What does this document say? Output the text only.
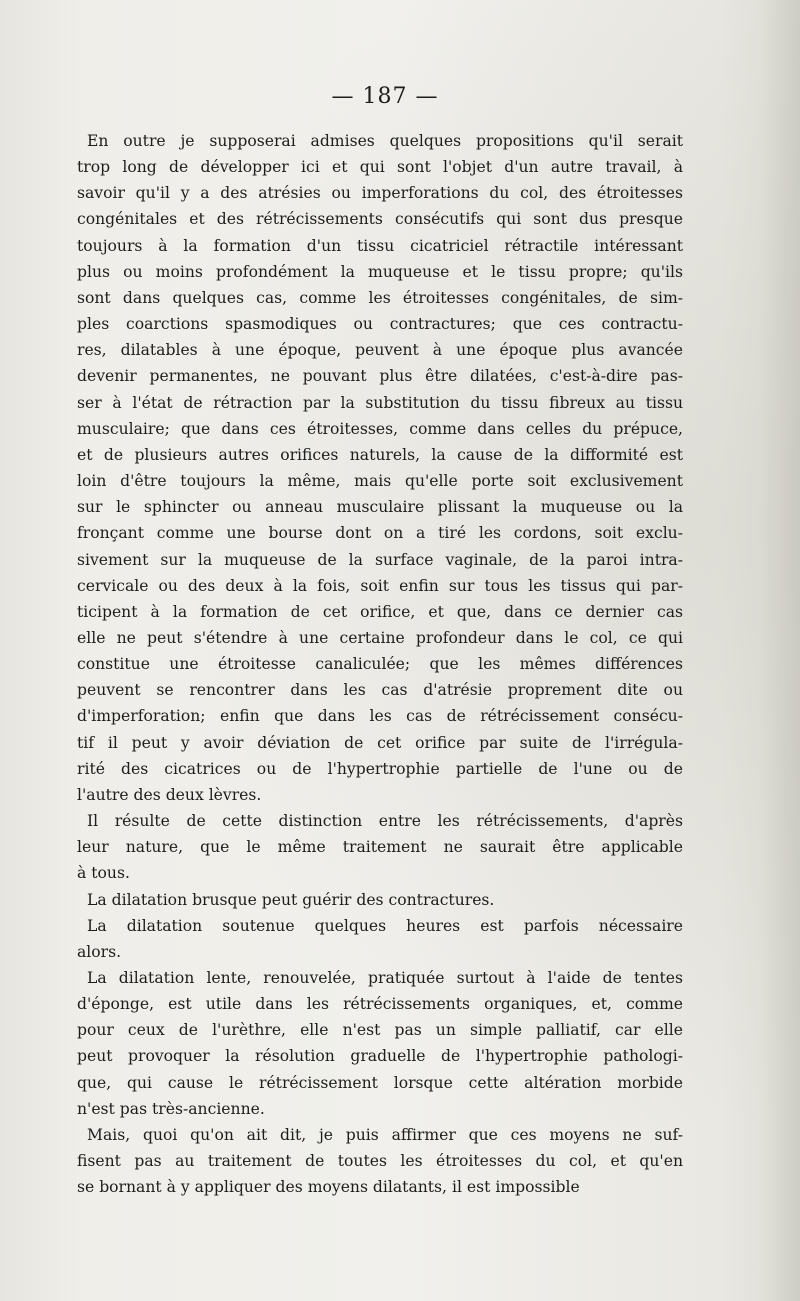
— 187 —
En outre je supposerai admises quelques propositions qu'il serait
trop long de développer ici et qui sont l'objet d'un autre travail, à
savoir qu'il y a des atrésies ou imperforations du col, des étroitesses
congénitales et des rétrécissements consécutifs qui sont dus presque
toujours à la formation d'un tissu cicatriciel rétractile intéressant
plus ou moins profondément la muqueuse et le tissu propre; qu'ils
sont dans quelques cas, comme les étroitesses congénitales, de sim-
ples coarctions spasmodiques ou contractures; que ces contractu-
res, dilatables à une époque, peuvent à une époque plus avancée
devenir permanentes, ne pouvant plus être dilatées, c'est-à-dire pas-
ser à l'état de rétraction par la substitution du tissu fibreux au tissu
musculaire; que dans ces étroitesses, comme dans celles du prépuce,
et de plusieurs autres orifices naturels, la cause de la difformité est
loin d'être toujours la même, mais qu'elle porte soit exclusivement
sur le sphincter ou anneau musculaire plissant la muqueuse ou la
fronçant comme une bourse dont on a tiré les cordons, soit exclu-
sivement sur la muqueuse de la surface vaginale, de la paroi intra-
cervicale ou des deux à la fois, soit enfin sur tous les tissus qui par-
ticipent à la formation de cet orifice, et que, dans ce dernier cas
elle ne peut s'étendre à une certaine profondeur dans le col, ce qui
constitue une étroitesse canaliculée; que les mêmes différences
peuvent se rencontrer dans les cas d'atrésie proprement dite ou
d'imperforation; enfin que dans les cas de rétrécissement consécu-
tif il peut y avoir déviation de cet orifice par suite de l'irrégula-
rité des cicatrices ou de l'hypertrophie partielle de l'une ou de
l'autre des deux lèvres.
Il résulte de cette distinction entre les rétrécissements, d'après
leur nature, que le même traitement ne saurait être applicable
à tous.
La dilatation brusque peut guérir des contractures.
La dilatation soutenue quelques heures est parfois nécessaire
alors.
La dilatation lente, renouvelée, pratiquée surtout à l'aide de tentes
d'éponge, est utile dans les rétrécissements organiques, et, comme
pour ceux de l'urèthre, elle n'est pas un simple palliatif, car elle
peut provoquer la résolution graduelle de l'hypertrophie pathologi-
que, qui cause le rétrécissement lorsque cette altération morbide
n'est pas très-ancienne.
Mais, quoi qu'on ait dit, je puis affirmer que ces moyens ne suf-
fisent pas au traitement de toutes les étroitesses du col, et qu'en
se bornant à y appliquer des moyens dilatants, il est impossible
